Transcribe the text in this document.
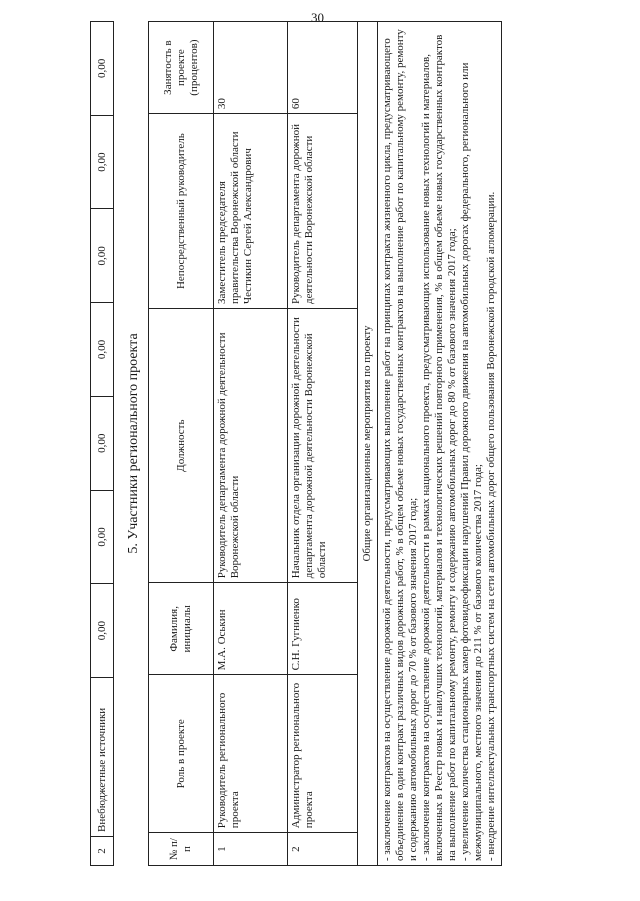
30
2	Внебюджетные источники	0,00	0,00	0,00	0,00	0,00	0,00	0,00
5. Участники регионального проекта
№ п/п	Роль в проекте	Фамилия, инициалы	Должность	Непосредственный руководитель	Занятость в проекте (процентов)
1	Руководитель регионального проекта	М.А. Оськин	Руководитель департамента дорожной деятельности Воронежской области	Заместитель председателя правительства Воронежской области Честикин Сергей Александрович	30
2	Администратор регионального проекта	С.Н. Гугниенко	Начальник отдела организации дорожной деятельности департамента дорожной деятельности Воронежской области	Руководитель департамента дорожной деятельности Воронежской области	60
Общие организационные мероприятия по проекту					

- заключение контрактов на осуществление дорожной деятельности, предусматривающих выполнение работ на принципах контракта жизненного цикла, предусматривающего объединение в один контракт различных видов дорожных работ, % в общем объеме новых государственных контрактов на выполнение работ по капитальному ремонту, ремонту и содержанию автомобильных дорог до 70 % от базового значения 2017 года; - заключение контрактов на осуществление дорожной деятельности в рамках национального проекта, предусматривающих использование новых технологий и материалов, включенных в Реестр новых и наилучших технологий, материалов и технологических решений повторного применения, % в общем объеме новых государственных контрактов на выполнение работ по капитальному ремонту, ремонту и содержанию автомобильных дорог до 80 % от базового значения 2017 года; - увеличение количества стационарных камер фотовидеофиксации нарушений Правил дорожного движения на автомобильных дорогах федерального, регионального или межмуниципального, местного значения до 211 % от базового количества 2017 года; - внедрение интеллектуальных транспортных систем на сети автомобильных дорог общего пользования Воронежской городской агломерации.					
